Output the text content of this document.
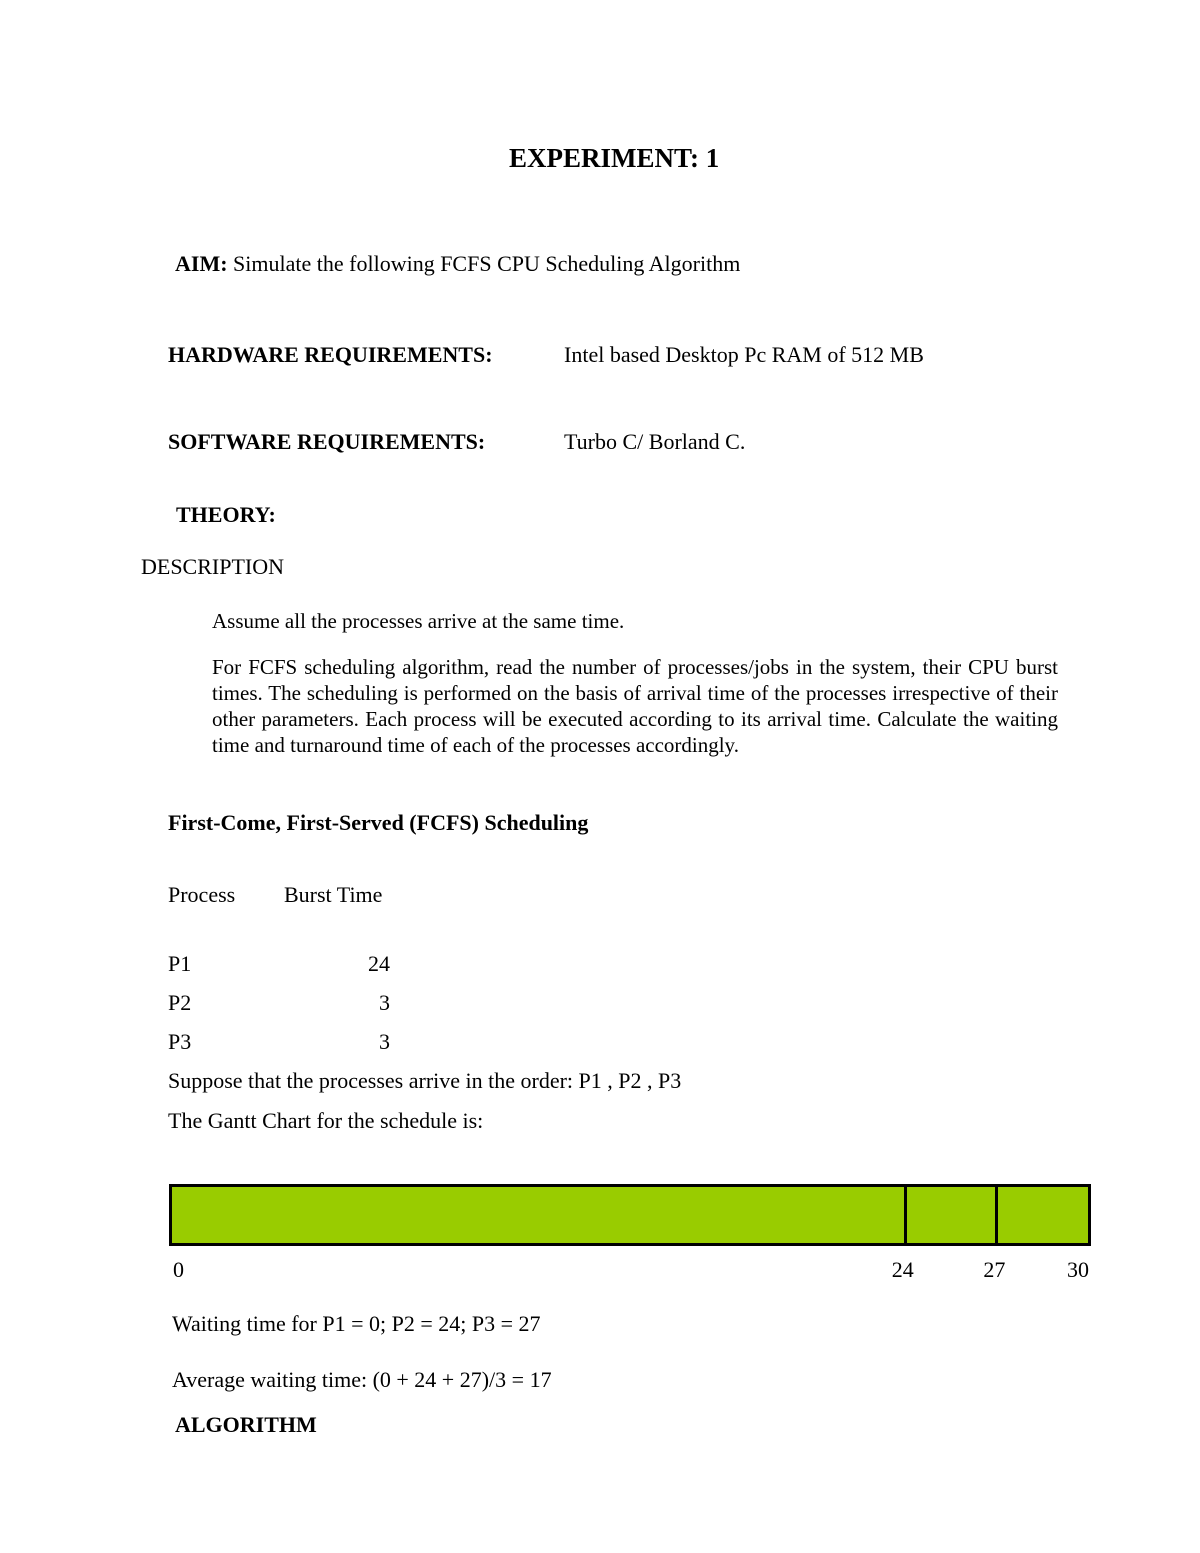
EXPERIMENT: 1
AIM: Simulate the following FCFS CPU Scheduling Algorithm
HARDWARE REQUIREMENTS:	Intel based Desktop Pc RAM of 512 MB
SOFTWARE REQUIREMENTS:	Turbo C/ Borland C.
THEORY:
DESCRIPTION
Assume all the processes arrive at the same time.
For FCFS scheduling algorithm, read the number of processes/jobs in the system, their CPU burst times. The scheduling is performed on the basis of arrival time of the processes irrespective of their other parameters. Each process will be executed according to its arrival time. Calculate the waiting time and turnaround time of each of the processes accordingly.
First-Come, First-Served (FCFS) Scheduling
Process Burst Time
P1	24
P2	3
P3	3
Suppose that the processes arrive in the order: P1 , P2 , P3
The Gantt Chart for the schedule is:
0	24	27	30
Waiting time for P1 = 0; P2 = 24; P3 = 27
Average waiting time: (0 + 24 + 27)/3 = 17
ALGORITHM
